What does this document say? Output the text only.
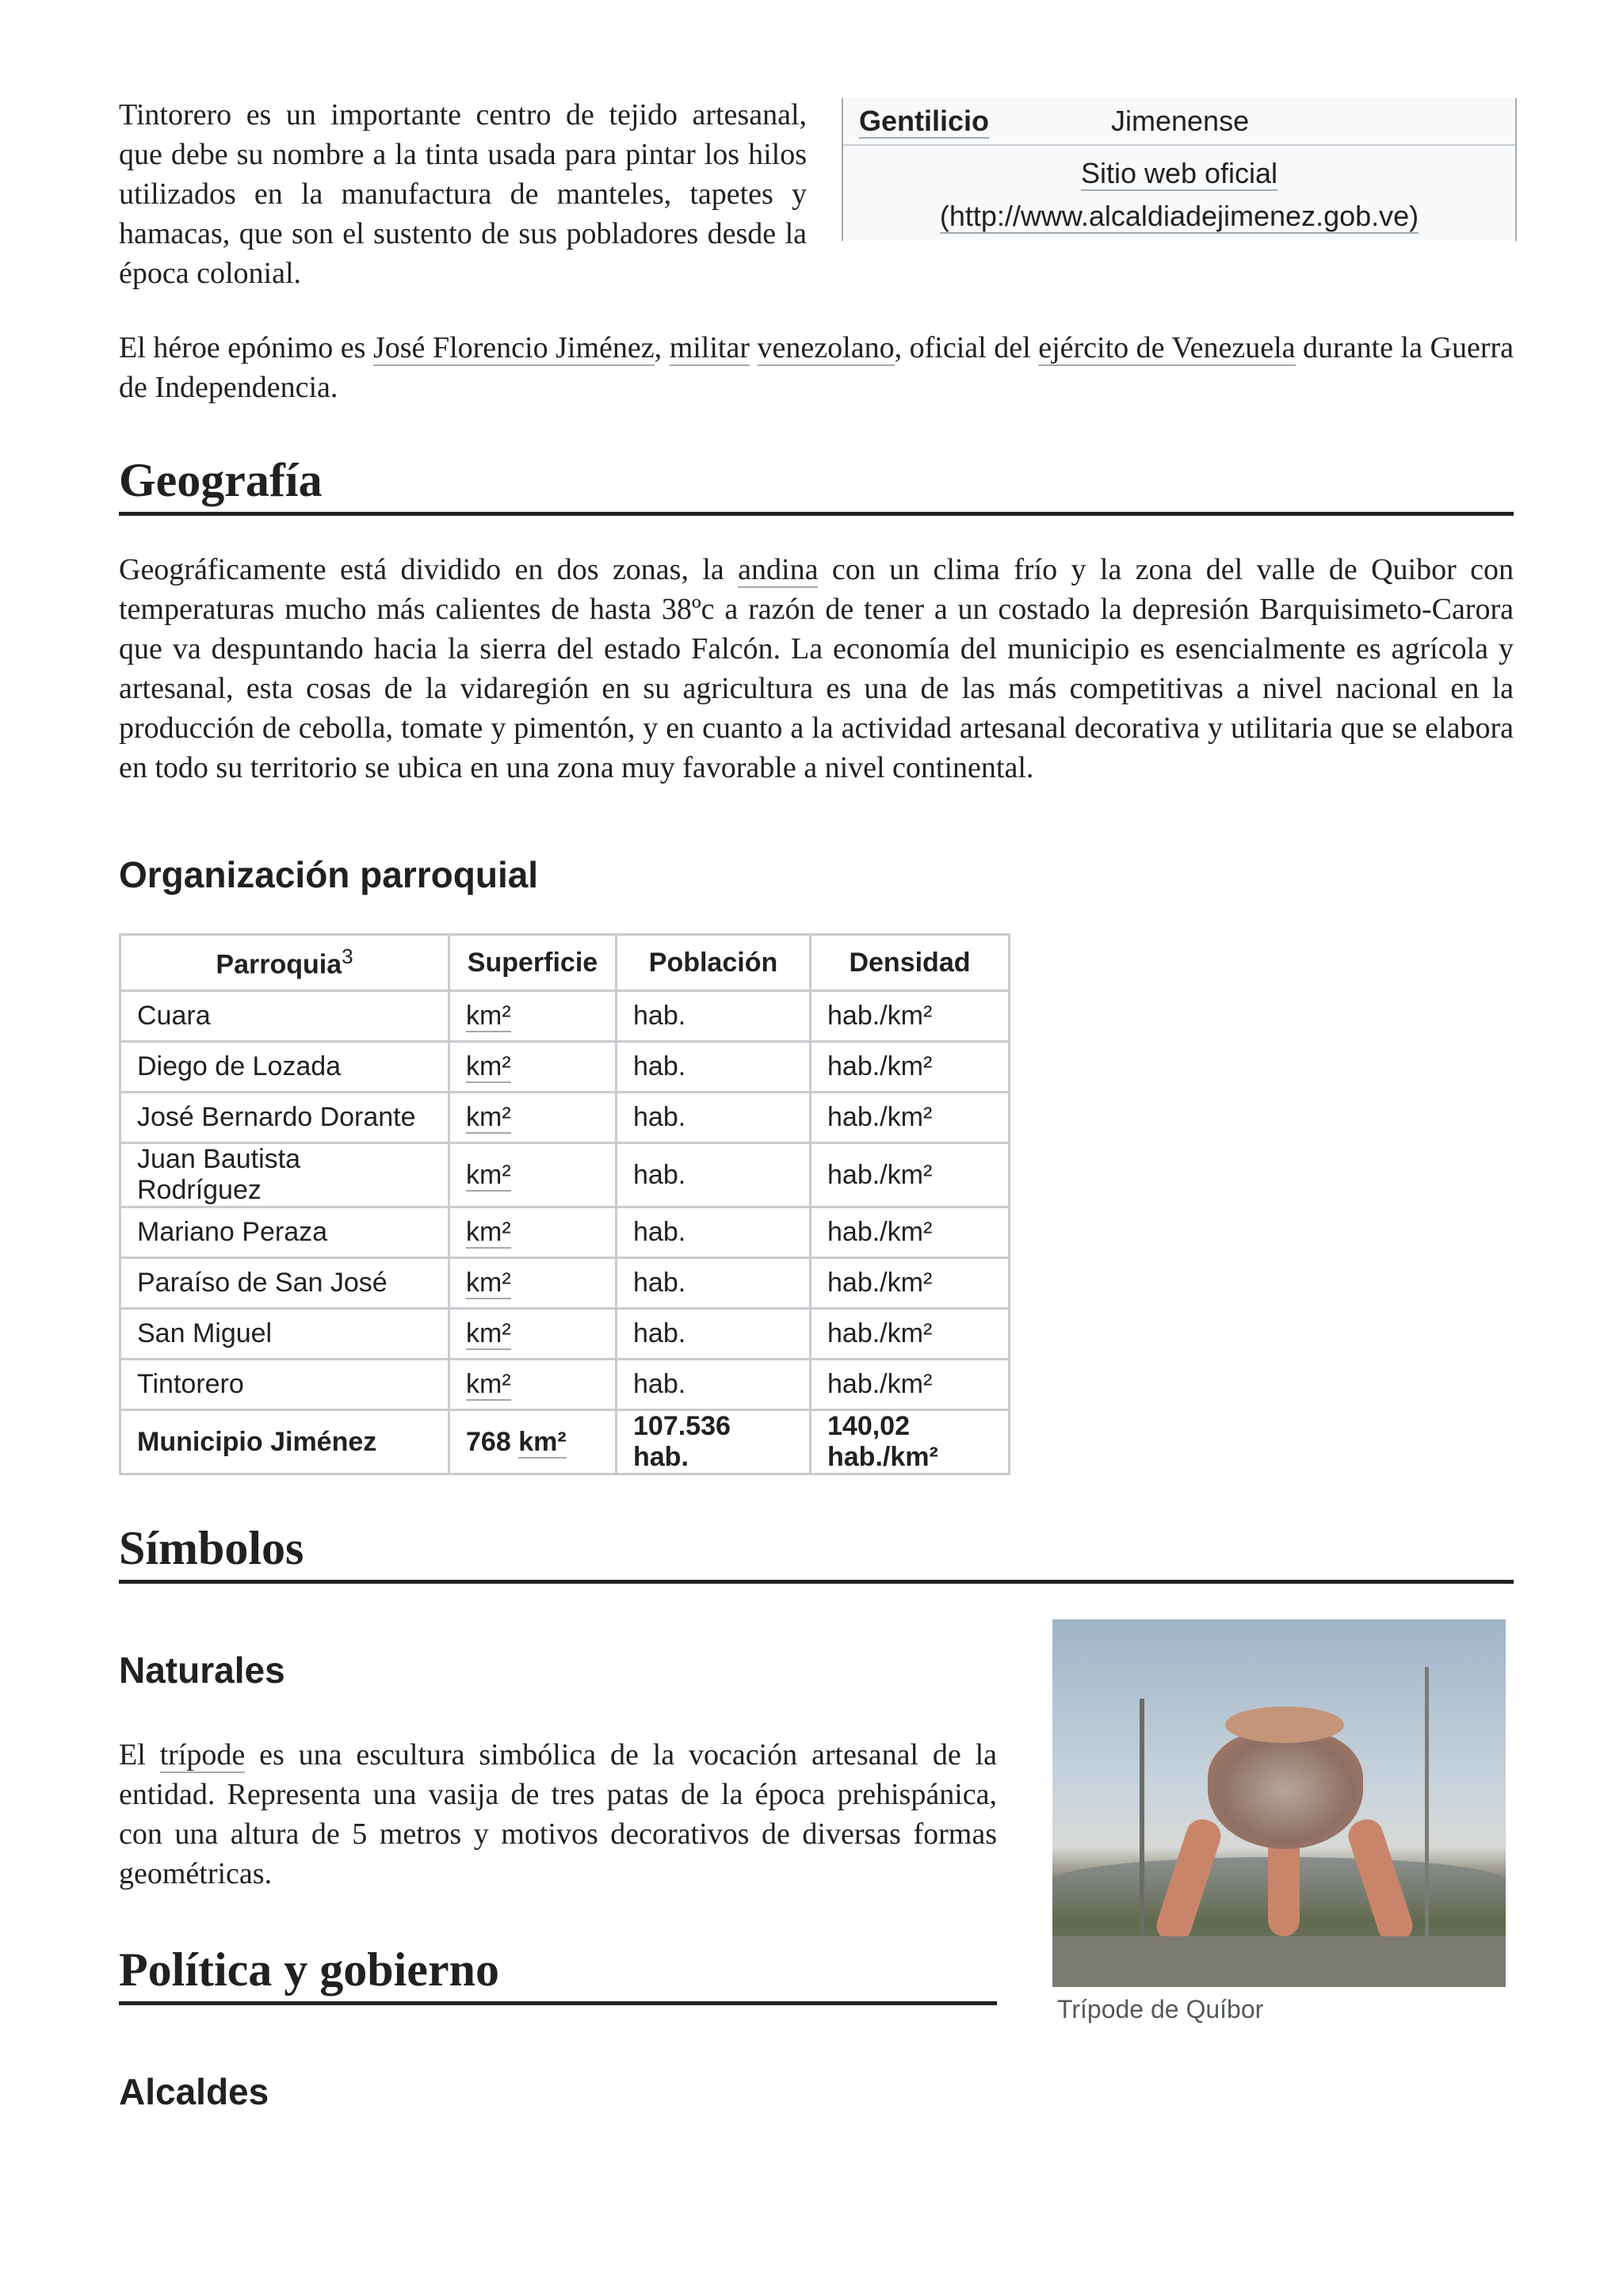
Tintorero es un importante centro de tejido artesanal, que debe su nombre a la tinta usada para pintar los hilos utilizados en la manufactura de manteles, tapetes y hamacas, que son el sustento de sus pobladores desde la época colonial.

Gentilicio	Jimenense
Sitio web oficial (http://www.alcaldiadejimenez.gob.ve)

El héroe epónimo es José Florencio Jiménez, militar venezolano, oficial del ejército de Venezuela durante la Guerra de Independencia.

Geografía

Geográficamente está dividido en dos zonas, la andina con un clima frío y la zona del valle de Quibor con temperaturas mucho más calientes de hasta 38ºc a razón de tener a un costado la depresión Barquisimeto-Carora que va despuntando hacia la sierra del estado Falcón. La economía del municipio es esencialmente es agrícola y artesanal, esta cosas de la vidaregión en su agricultura es una de las más competitivas a nivel nacional en la producción de cebolla, tomate y pimentón, y en cuanto a la actividad artesanal decorativa y utilitaria que se elabora en todo su territorio se ubica en una zona muy favorable a nivel continental.

Organización parroquial
Parroquia$^3$	Superficie	Población	Densidad
Cuara	km²	hab.	hab./km²
Diego de Lozada	km²	hab.	hab./km²
José Bernardo Dorante	km²	hab.	hab./km²
Juan Bautista Rodríguez	km²	hab.	hab./km²
Mariano Peraza	km²	hab.	hab./km²
Paraíso de San José	km²	hab.	hab./km²
San Miguel	km²	hab.	hab./km²
Tintorero	km²	hab.	hab./km²
Municipio Jiménez	768 km²	107.536 hab.	140,02 hab./km²
Símbolos
Naturales

El trípode es una escultura simbólica de la vocación artesanal de la entidad. Representa una vasija de tres patas de la época prehispánica, con una altura de 5 metros y motivos decorativos de diversas formas geométricas.

Trípode de Quíbor
Política y gobierno
Alcaldes
